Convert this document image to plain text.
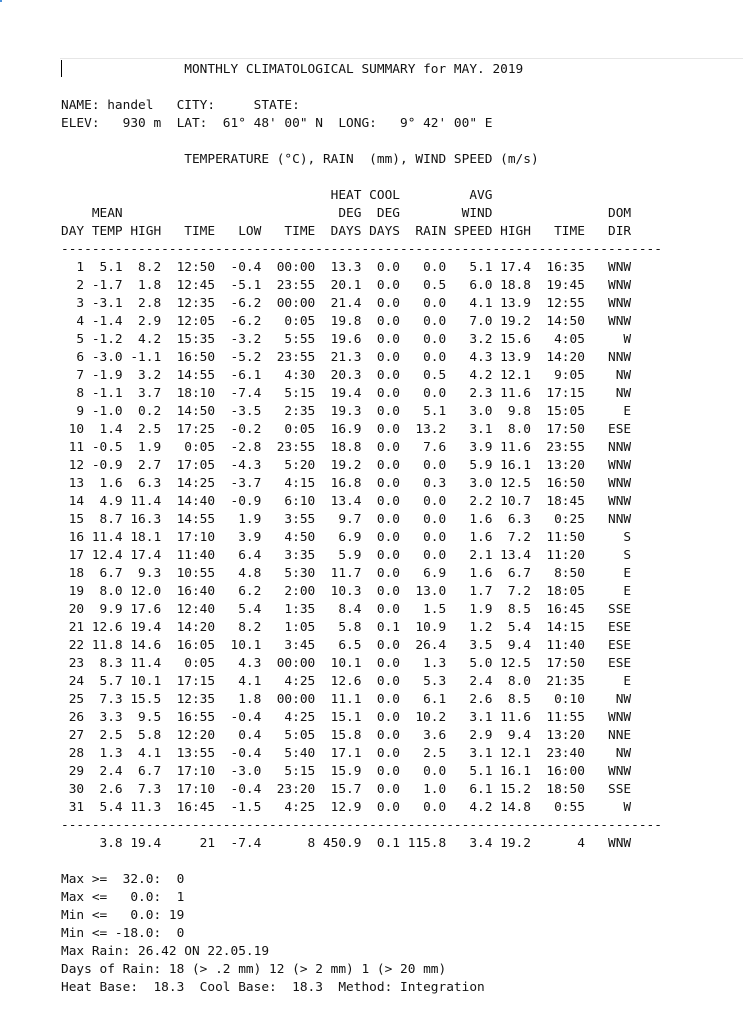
MONTHLY CLIMATOLOGICAL SUMMARY for MAY. 2019

NAME: handel   CITY:     STATE:
ELEV:   930 m  LAT:  61° 48' 00" N  LONG:   9° 42' 00" E

TEMPERATURE (°C), RAIN  (mm), WIND SPEED (m/s)

HEAT COOL         AVG
MEAN                            DEG  DEG        WIND               DOM
DAY TEMP HIGH   TIME   LOW   TIME  DAYS DAYS  RAIN SPEED HIGH   TIME   DIR
------------------------------------------------------------------------------
1  5.1  8.2  12:50  -0.4  00:00  13.3  0.0   0.0   5.1 17.4  16:35   WNW
2 -1.7  1.8  12:45  -5.1  23:55  20.1  0.0   0.5   6.0 18.8  19:45   WNW
3 -3.1  2.8  12:35  -6.2  00:00  21.4  0.0   0.0   4.1 13.9  12:55   WNW
4 -1.4  2.9  12:05  -6.2   0:05  19.8  0.0   0.0   7.0 19.2  14:50   WNW
5 -1.2  4.2  15:35  -3.2   5:55  19.6  0.0   0.0   3.2 15.6   4:05     W
6 -3.0 -1.1  16:50  -5.2  23:55  21.3  0.0   0.0   4.3 13.9  14:20   NNW
7 -1.9  3.2  14:55  -6.1   4:30  20.3  0.0   0.5   4.2 12.1   9:05    NW
8 -1.1  3.7  18:10  -7.4   5:15  19.4  0.0   0.0   2.3 11.6  17:15    NW
9 -1.0  0.2  14:50  -3.5   2:35  19.3  0.0   5.1   3.0  9.8  15:05     E
10  1.4  2.5  17:25  -0.2   0:05  16.9  0.0  13.2   3.1  8.0  17:50   ESE
11 -0.5  1.9   0:05  -2.8  23:55  18.8  0.0   7.6   3.9 11.6  23:55   NNW
12 -0.9  2.7  17:05  -4.3   5:20  19.2  0.0   0.0   5.9 16.1  13:20   WNW
13  1.6  6.3  14:25  -3.7   4:15  16.8  0.0   0.3   3.0 12.5  16:50   WNW
14  4.9 11.4  14:40  -0.9   6:10  13.4  0.0   0.0   2.2 10.7  18:45   WNW
15  8.7 16.3  14:55   1.9   3:55   9.7  0.0   0.0   1.6  6.3   0:25   NNW
16 11.4 18.1  17:10   3.9   4:50   6.9  0.0   0.0   1.6  7.2  11:50     S
17 12.4 17.4  11:40   6.4   3:35   5.9  0.0   0.0   2.1 13.4  11:20     S
18  6.7  9.3  10:55   4.8   5:30  11.7  0.0   6.9   1.6  6.7   8:50     E
19  8.0 12.0  16:40   6.2   2:00  10.3  0.0  13.0   1.7  7.2  18:05     E
20  9.9 17.6  12:40   5.4   1:35   8.4  0.0   1.5   1.9  8.5  16:45   SSE
21 12.6 19.4  14:20   8.2   1:05   5.8  0.1  10.9   1.2  5.4  14:15   ESE
22 11.8 14.6  16:05  10.1   3:45   6.5  0.0  26.4   3.5  9.4  11:40   ESE
23  8.3 11.4   0:05   4.3  00:00  10.1  0.0   1.3   5.0 12.5  17:50   ESE
24  5.7 10.1  17:15   4.1   4:25  12.6  0.0   5.3   2.4  8.0  21:35     E
25  7.3 15.5  12:35   1.8  00:00  11.1  0.0   6.1   2.6  8.5   0:10    NW
26  3.3  9.5  16:55  -0.4   4:25  15.1  0.0  10.2   3.1 11.6  11:55   WNW
27  2.5  5.8  12:20   0.4   5:05  15.8  0.0   3.6   2.9  9.4  13:20   NNE
28  1.3  4.1  13:55  -0.4   5:40  17.1  0.0   2.5   3.1 12.1  23:40    NW
29  2.4  6.7  17:10  -3.0   5:15  15.9  0.0   0.0   5.1 16.1  16:00   WNW
30  2.6  7.3  17:10  -0.4  23:20  15.7  0.0   1.0   6.1 15.2  18:50   SSE
31  5.4 11.3  16:45  -1.5   4:25  12.9  0.0   0.0   4.2 14.8   0:55     W
------------------------------------------------------------------------------
3.8 19.4     21  -7.4      8 450.9  0.1 115.8   3.4 19.2      4   WNW

Max >=  32.0:  0
Max <=   0.0:  1
Min <=   0.0: 19
Min <= -18.0:  0
Max Rain: 26.42 ON 22.05.19
Days of Rain: 18 (> .2 mm) 12 (> 2 mm) 1 (> 20 mm)
Heat Base:  18.3  Cool Base:  18.3  Method: Integration
